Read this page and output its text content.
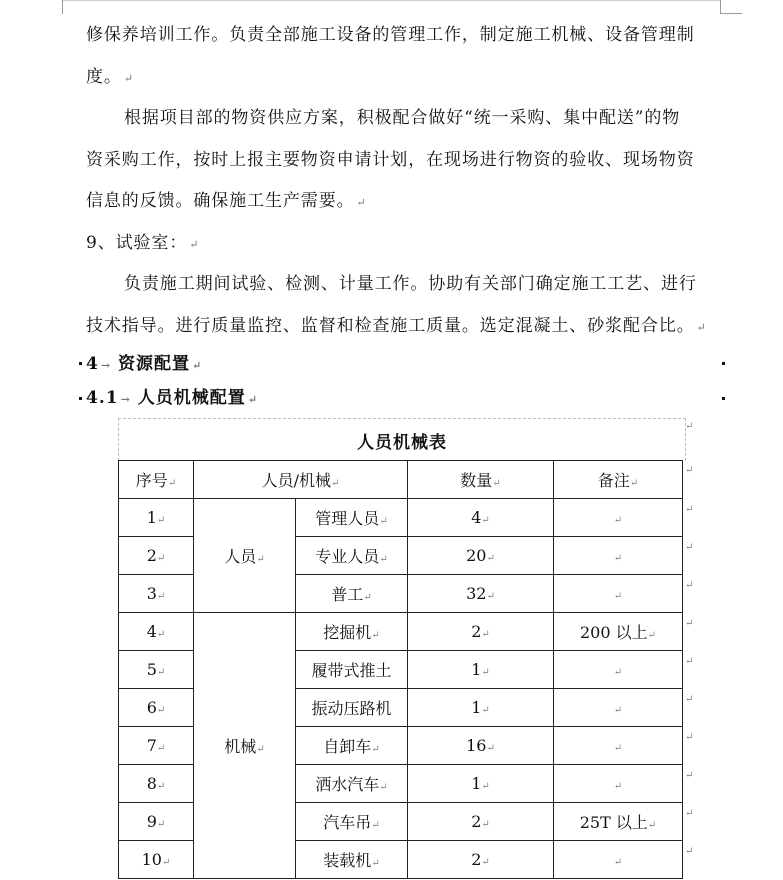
修保养培训工作。负责全部施工设备的管理工作，制定施工机械、设备管理制
度。 ↵
根据项目部的物资供应方案，积极配合做好“统一采购、集中配送”的物
资采购工作，按时上报主要物资申请计划，在现场进行物资的验收、现场物资
信息的反馈。确保施工生产需要。 ↵
9、试验室： ↵
负责施工期间试验、检测、计量工作。协助有关部门确定施工工艺、进行
技术指导。进行质量监控、监督和检查施工质量。选定混凝土、砂浆配合比。 ↵
4 → 资源配置 ↵
4.1 → 人员机械配置 ↵
人员机械表
序号↵	人员/机械↵		数量↵	备注↵
1↵	人员↵	管理人员↵	4↵	↵
2↵		专业人员↵	20↵	↵
3↵		普工↵	32↵	↵
4↵	机械↵	挖掘机↵	2↵	200 以上↵
5↵		履带式推土	1↵	↵
6↵		振动压路机	1↵	↵
7↵		自卸车↵	16↵	↵
8↵		洒水汽车↵	1↵	↵
9↵		汽车吊↵	2↵	25T 以上↵
10↵		装载机↵	2↵	↵
↵
↵
↵
↵
↵
↵
↵
↵
↵
↵
↵
↵
